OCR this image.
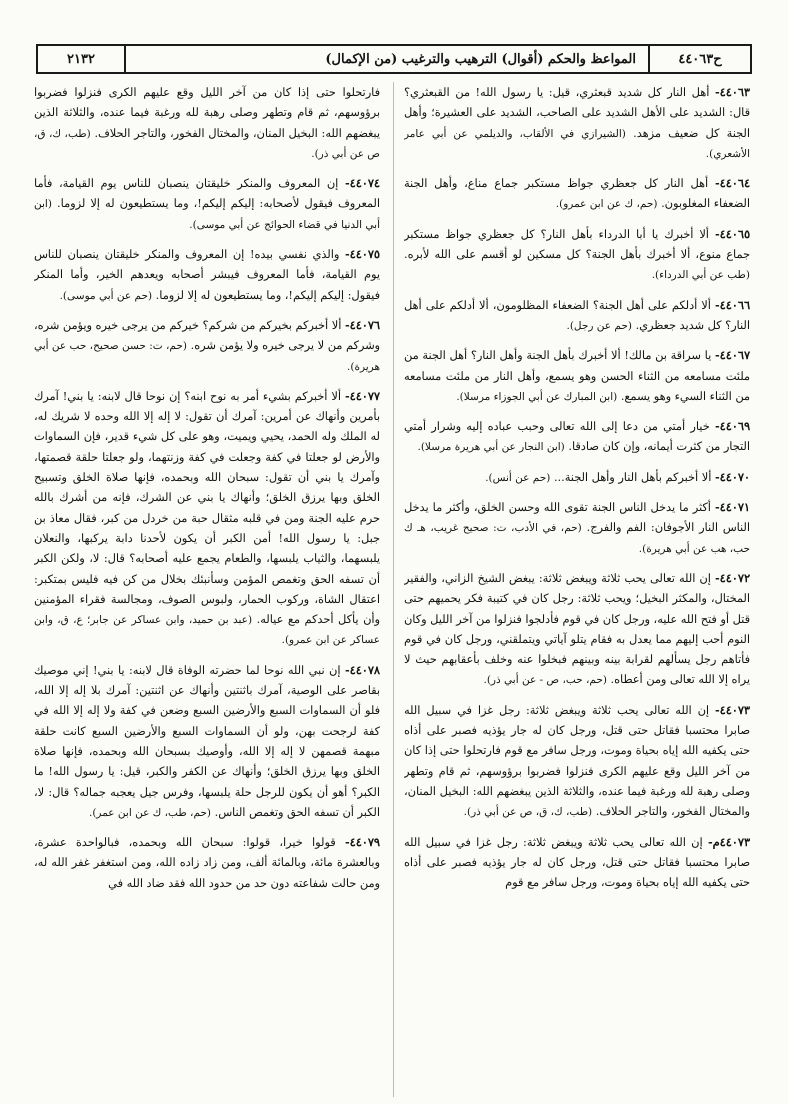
ح٤٤٠٦٣
المواعظ والحكم (أقوال) الترهيب والترغيب (من الإكمال)
٢١٣٢

٤٤٠٦٣- أهل النار كل شديد قبعثري، قيل: يا رسول الله! من القبعثري؟ قال: الشديد على الأهل الشديد على الصاحب، الشديد على العشيرة؛ وأهل الجنة كل ضعيف مزهد. (الشيرازي في الألقاب، والديلمي عن أبي عامر الأشعري).

٤٤٠٦٤- أهل النار كل جعظري جواظ مستكبر جماع مناع، وأهل الجنة الضعفاء المغلوبون. (حم، ك عن ابن عمرو).

٤٤٠٦٥- ألا أخبرك يا أبا الدرداء بأهل النار؟ كل جعظري جواظ مستكبر جماع منوع، ألا أخبرك بأهل الجنة؟ كل مسكين لو أقسم على الله لأبره. (طب عن أبي الدرداء).

٤٤٠٦٦- ألا أدلكم على أهل الجنة؟ الضعفاء المظلومون، ألا أدلكم على أهل النار؟ كل شديد جعظري. (حم عن رجل).

٤٤٠٦٧- يا سراقة بن مالك! ألا أخبرك بأهل الجنة وأهل النار؟ أهل الجنة من ملئت مسامعه من الثناء الحسن وهو يسمع، وأهل النار من ملئت مسامعه من الثناء السيء وهو يسمع. (ابن المبارك عن أبي الجوزاء مرسلا).

٤٤٠٦٩- خيار أمتي من دعا إلى الله تعالى وحبب عباده إليه وشرار أمتي التجار من كثرت أيمانه، وإن كان صادقا. (ابن النجار عن أبي هريرة مرسلا).

٤٤٠٧٠- ألا أخبركم بأهل النار وأهل الجنة... (حم عن أنس).

٤٤٠٧١- أكثر ما يدخل الناس الجنة تقوى الله وحسن الخلق، وأكثر ما يدخل الناس النار الأجوفان: الفم والفرج. (حم، في الأدب، ت: صحيح غريب، هـ ك حب، هب عن أبي هريرة).

٤٤٠٧٢- إن الله تعالى يحب ثلاثة ويبغض ثلاثة: يبغض الشيخ الزاني، والفقير المختال، والمكثر البخيل؛ ويحب ثلاثة: رجل كان في كتيبة فكر يحميهم حتى قتل أو فتح الله عليه، ورجل كان في قوم فأدلجوا فنزلوا من آخر الليل وكان النوم أحب إليهم مما يعدل به فقام يتلو آياتي ويتملقني، ورجل كان في قوم فأتاهم رجل يسألهم لقرابة بينه وبينهم فبخلوا عنه وخلف بأعقابهم حيث لا يراه إلا الله تعالى ومن أعطاه. (حم، حب، ص - عن أبي ذر).

٤٤٠٧٣- إن الله تعالى يحب ثلاثة ويبغض ثلاثة: رجل غزا في سبيل الله صابرا محتسبا فقاتل حتى قتل، ورجل كان له جار يؤذيه فصبر على أذاه حتى يكفيه الله إياه بحياة وموت، ورجل سافر مع قوم فارتحلوا حتى إذا كان من آخر الليل وقع عليهم الكرى فنزلوا فضربوا برؤوسهم، ثم قام وتطهر وصلى رهبة لله ورغبة فيما عنده، والثلاثة الذين يبغضهم الله: البخيل المنان، والمختال الفخور، والتاجر الحلاف. (طب، ك، ق، ص عن أبي ذر).

٤٤٠٧٣م- إن الله تعالى يحب ثلاثة ويبغض ثلاثة: رجل غزا في سبيل الله صابرا محتسبا فقاتل حتى قتل، ورجل كان له جار يؤذيه فصبر على أذاه حتى يكفيه الله إياه بحياة وموت، ورجل سافر مع قوم

فارتحلوا حتى إذا كان من آخر الليل وقع عليهم الكرى فنزلوا فضربوا برؤوسهم، ثم قام وتطهر وصلى رهبة لله ورغبة فيما عنده، والثلاثة الذين يبغضهم الله: البخيل المنان، والمختال الفخور، والتاجر الحلاف. (طب، ك، ق، ص عن أبي ذر).

٤٤٠٧٤- إن المعروف والمنكر خليقتان ينصبان للناس يوم القيامة، فأما المعروف فيقول لأصحابه: إليكم إليكم!، وما يستطيعون له إلا لزوما. (ابن أبي الدنيا في قضاء الحوائج عن أبي موسى).

٤٤٠٧٥- والذي نفسي بيده! إن المعروف والمنكر خليقتان ينصبان للناس يوم القيامة، فأما المعروف فيبشر أصحابه ويعدهم الخير، وأما المنكر فيقول: إليكم إليكم!، وما يستطيعون له إلا لزوما. (حم عن أبي موسى).

٤٤٠٧٦- ألا أخبركم بخيركم من شركم؟ خيركم من يرجى خيره ويؤمن شره، وشركم من لا يرجى خيره ولا يؤمن شره. (حم، ت: حسن صحيح، حب عن أبي هريرة).

٤٤٠٧٧- ألا أخبركم بشيء أمر به نوح ابنه؟ إن نوحا قال لابنه: يا بني! آمرك بأمرين وأنهاك عن أمرين: آمرك أن تقول: لا إله إلا الله وحده لا شريك له، له الملك وله الحمد، يحيي ويميت، وهو على كل شيء قدير، فإن السماوات والأرض لو جعلتا في كفة وجعلت في كفة وزنتهما، ولو جعلتا حلقة قصمتها، وآمرك يا بني أن تقول: سبحان الله وبحمده، فإنها صلاة الخلق وتسبيح الخلق وبها يرزق الخلق؛ وأنهاك يا بني عن الشرك، فإنه من أشرك بالله حرم عليه الجنة ومن في قلبه مثقال حبة من خردل من كبر، فقال معاذ بن جبل: يا رسول الله! أمن الكبر أن يكون لأحدنا دابة يركبها، والنعلان يلبسهما، والثياب يلبسها، والطعام يجمع عليه أصحابه؟ قال: لا، ولكن الكبر أن تسفه الحق وتغمص المؤمن وسأنبئك بخلال من كن فيه فليس بمتكبر: اعتقال الشاة، وركوب الحمار، ولبوس الصوف، ومجالسة فقراء المؤمنين وأن يأكل أحدكم مع عياله. (عبد بن حميد، وابن عساكر عن جابر؛ ع، ق، وابن عساكر عن ابن عمرو).

٤٤٠٧٨- إن نبي الله نوحا لما حضرته الوفاة قال لابنه: يا بني! إني موصيك بقاصر على الوصية، آمرك باثنتين وأنهاك عن اثنتين: آمرك بلا إله إلا الله، فلو أن السماوات السبع والأرضين السبع وضعن في كفة ولا إله إلا الله في كفة لرجحت بهن، ولو أن السماوات السبع والأرضين السبع كانت حلقة مبهمة قصمهن لا إله إلا الله، وأوصيك بسبحان الله وبحمده، فإنها صلاة الخلق وبها يرزق الخلق؛ وأنهاك عن الكفر والكبر، قيل: يا رسول الله! ما الكبر؟ أهو أن يكون للرجل حلة يلبسها، وفرس جيل يعجبه جماله؟ قال: لا، الكبر أن تسفه الحق وتغمص الناس. (حم، طب، ك عن ابن عمر).

٤٤٠٧٩- قولوا خيرا، قولوا: سبحان الله وبحمده، فبالواحدة عشرة، وبالعشرة مائة، وبالمائة ألف، ومن زاد زاده الله، ومن استغفر غفر الله له، ومن حالت شفاعته دون حد من حدود الله فقد ضاد الله في
